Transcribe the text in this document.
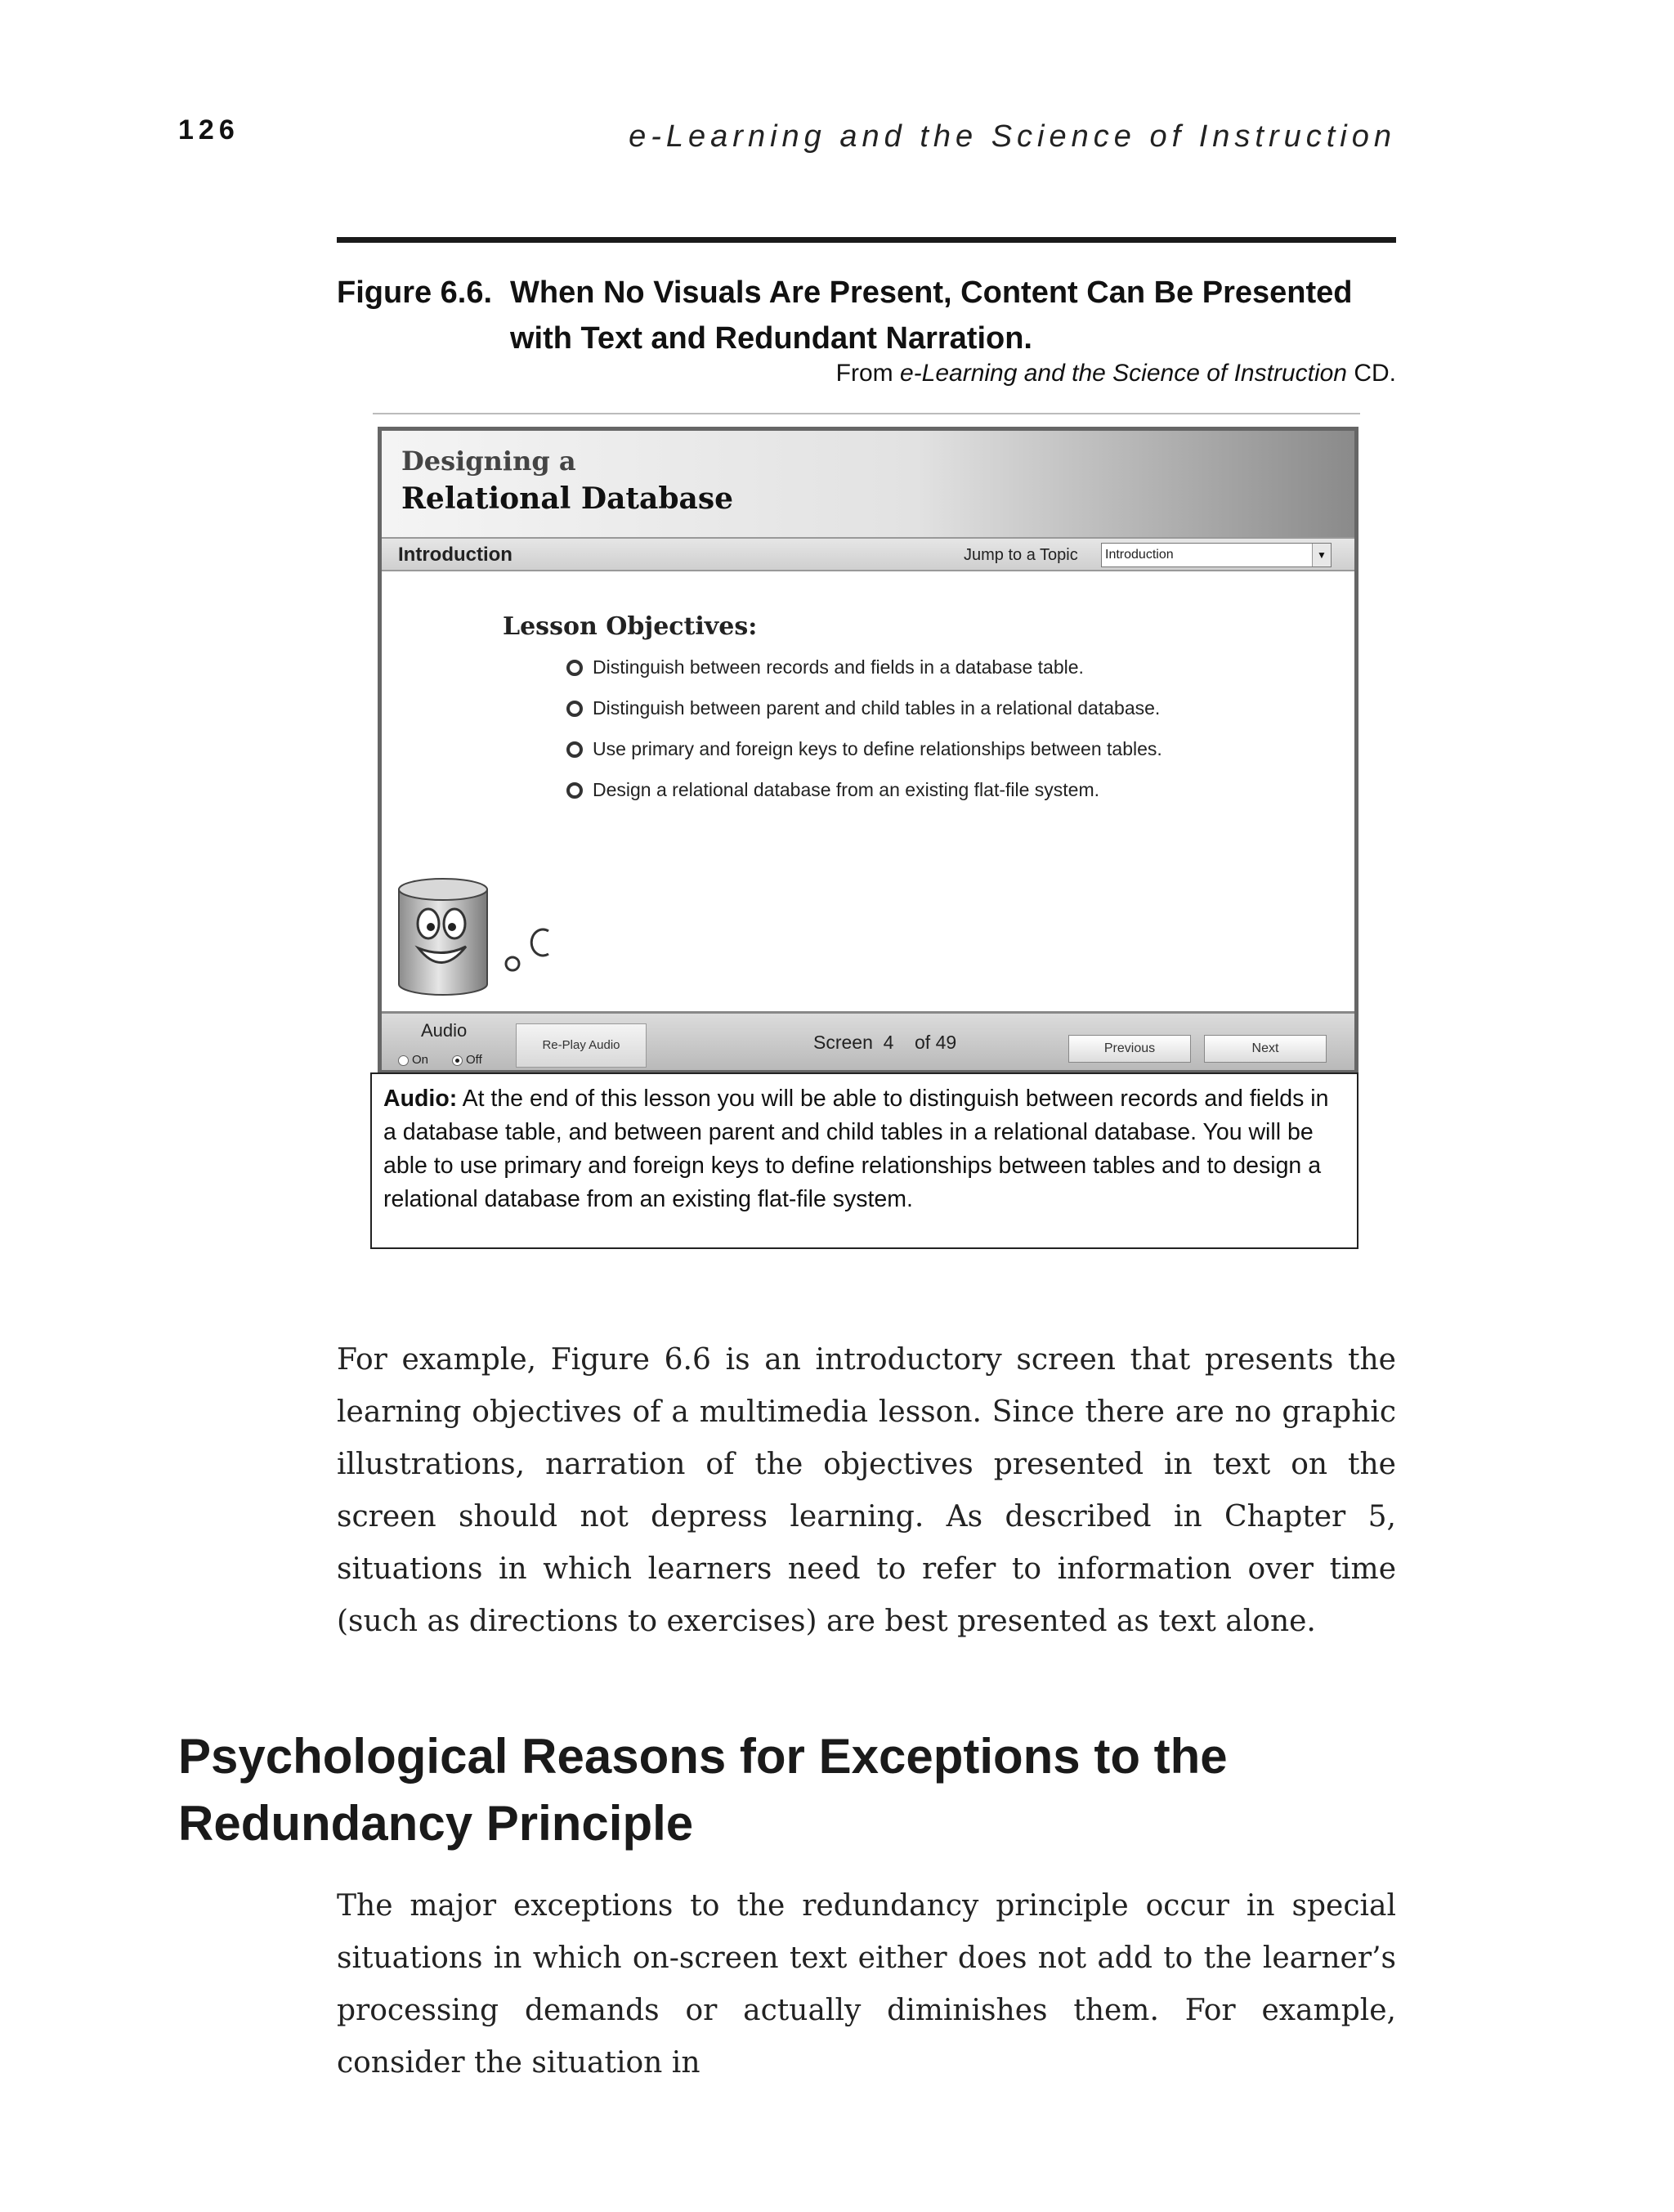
126	e-Learning and the Science of Instruction
Figure 6.6. When No Visuals Are Present, Content Can Be Presented
with Text and Redundant Narration.
From e-Learning and the Science of Instruction CD.
Designing a
Relational Database
Introduction	Jump to a Topic Introduction	▼
Lesson Objectives:
Distinguish between records and fields in a database table.
Distinguish between parent and child tables in a relational database.
Use primary and foreign keys to define relationships between tables.
Design a relational database from an existing flat-file system.
Audio
On	Off
Re-Play Audio	Screen  4    of 49	Previous	Next
Audio: At the end of this lesson you will be able to distinguish between records and fields in a database table, and between parent and child tables in a relational database. You will be able to use primary and foreign keys to define relationships between tables and to design a relational database from an existing flat-file system.
For example, Figure 6.6 is an introductory screen that presents the learning objectives of a multimedia lesson. Since there are no graphic illustrations, narration of the objectives presented in text on the screen should not depress learning. As described in Chapter 5, situations in which learners need to refer to information over time (such as directions to exercises) are best presented as text alone.
Psychological Reasons for Exceptions to the Redundancy Principle
The major exceptions to the redundancy principle occur in special situations in which on-screen text either does not add to the learner’s processing demands or actually diminishes them. For example, consider the situation in
